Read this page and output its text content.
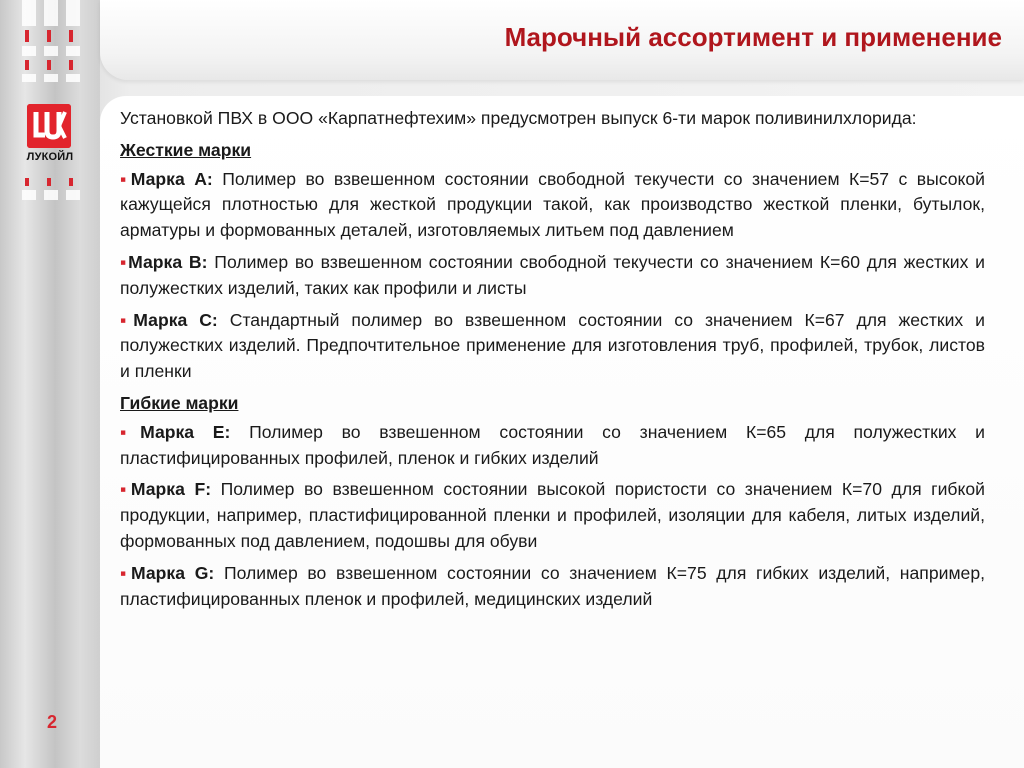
ЛУКОЙЛ
2
Марочный ассортимент и применение

Установкой ПВХ в ООО «Карпатнефтехим» предусмотрен выпуск 6-ти марок поливинилхлорида:

Жесткие марки

▪Марка А: Полимер во взвешенном состоянии свободной текучести со значением К=57 с высокой кажущейся плотностью для жесткой продукции такой, как производство жесткой пленки, бутылок, арматуры и формованных деталей, изготовляемых литьем под давлением

▪Марка В: Полимер во взвешенном состоянии свободной текучести со значением К=60 для жестких и полужестких изделий, таких как профили и листы

▪Марка С: Стандартный полимер во взвешенном состоянии со значением К=67 для жестких и полужестких изделий. Предпочтительное применение для изготовления труб, профилей, трубок, листов и пленки

Гибкие марки

▪Марка Е: Полимер во взвешенном состоянии со значением К=65 для полужестких и пластифицированных профилей, пленок и гибких изделий

▪Марка F: Полимер во взвешенном состоянии высокой пористости со значением К=70 для гибкой продукции, например, пластифицированной пленки и профилей, изоляции для кабеля, литых изделий, формованных под давлением, подошвы для обуви

▪Марка G: Полимер во взвешенном состоянии со значением К=75 для гибких изделий, например, пластифицированных пленок и профилей, медицинских изделий
